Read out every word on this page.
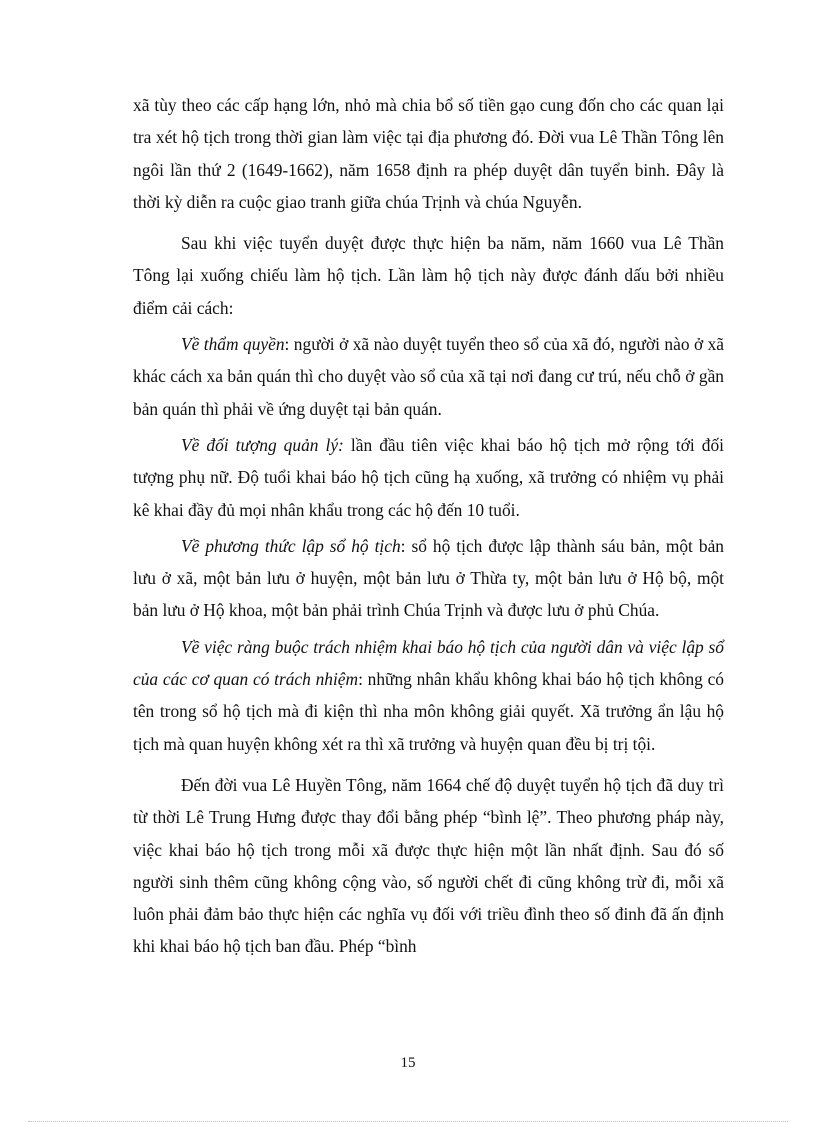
xã tùy theo các cấp hạng lớn, nhỏ mà chia bổ số tiền gạo cung đốn cho các quan lại tra xét hộ tịch trong thời gian làm việc tại địa phương đó. Đời vua Lê Thần Tông lên ngôi lần thứ 2 (1649-1662), năm 1658 định ra phép duyệt dân tuyển binh. Đây là thời kỳ diễn ra cuộc giao tranh giữa chúa Trịnh và chúa Nguyễn.

Sau khi việc tuyển duyệt được thực hiện ba năm, năm 1660 vua Lê Thần Tông lại xuống chiếu làm hộ tịch. Lần làm hộ tịch này được đánh dấu bởi nhiều điểm cải cách:

Về thẩm quyền: người ở xã nào duyệt tuyển theo sổ của xã đó, người nào ở xã khác cách xa bản quán thì cho duyệt vào sổ của xã tại nơi đang cư trú, nếu chỗ ở gần bản quán thì phải về ứng duyệt tại bản quán.

Về đối tượng quản lý: lần đầu tiên việc khai báo hộ tịch mở rộng tới đối tượng phụ nữ. Độ tuổi khai báo hộ tịch cũng hạ xuống, xã trưởng có nhiệm vụ phải kê khai đầy đủ mọi nhân khẩu trong các hộ đến 10 tuổi.

Về phương thức lập sổ hộ tịch: sổ hộ tịch được lập thành sáu bản, một bản lưu ở xã, một bản lưu ở huyện, một bản lưu ở Thừa ty, một bản lưu ở Hộ bộ, một bản lưu ở Hộ khoa, một bản phải trình Chúa Trịnh và được lưu ở phủ Chúa.

Về việc ràng buộc trách nhiệm khai báo hộ tịch của người dân và việc lập sổ của các cơ quan có trách nhiệm: những nhân khẩu không khai báo hộ tịch không có tên trong sổ hộ tịch mà đi kiện thì nha môn không giải quyết. Xã trưởng ẩn lậu hộ tịch mà quan huyện không xét ra thì xã trưởng và huyện quan đều bị trị tội.

Đến đời vua Lê Huyền Tông, năm 1664 chế độ duyệt tuyển hộ tịch đã duy trì từ thời Lê Trung Hưng được thay đổi bằng phép “bình lệ”. Theo phương pháp này, việc khai báo hộ tịch trong mỗi xã được thực hiện một lần nhất định. Sau đó số người sinh thêm cũng không cộng vào, số người chết đi cũng không trừ đi, mỗi xã luôn phải đảm bảo thực hiện các nghĩa vụ đối với triều đình theo số đinh đã ấn định khi khai báo hộ tịch ban đầu. Phép “bình

15
